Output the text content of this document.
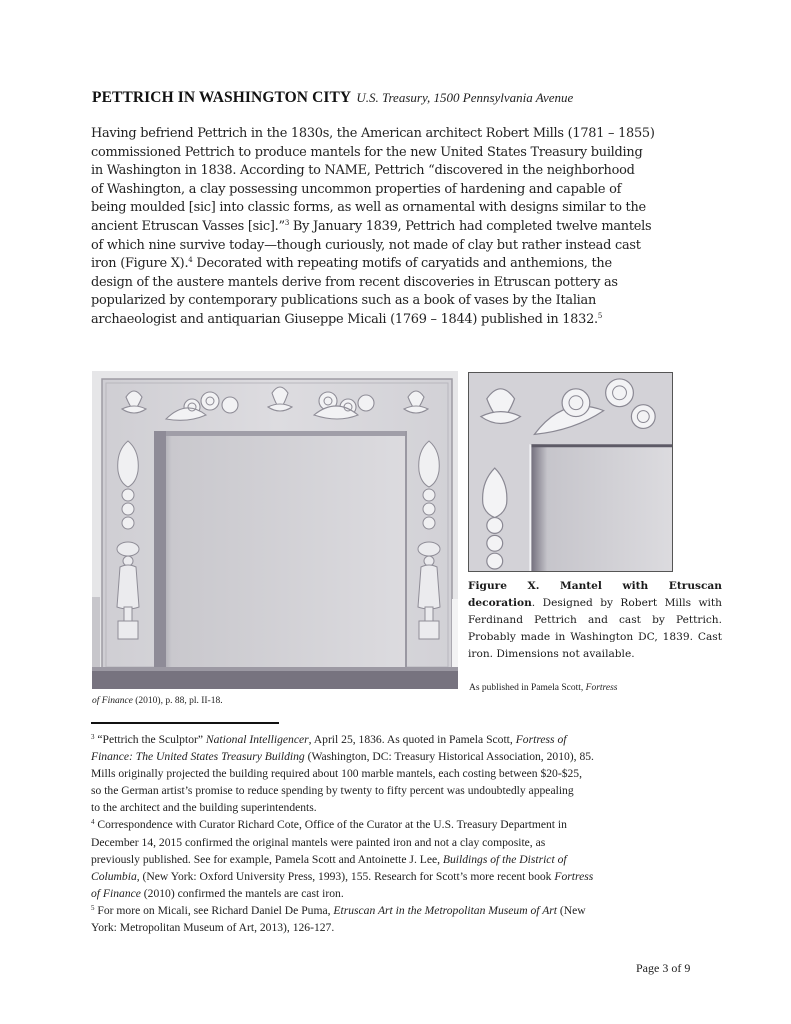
PETTRICH IN WASHINGTON CITY U.S. Treasury, 1500 Pennsylvania Avenue
Having befriend Pettrich in the 1830s, the American architect Robert Mills (1781 – 1855)
commissioned Pettrich to produce mantels for the new United States Treasury building
in Washington in 1838. According to NAME, Pettrich “discovered in the neighborhood
of Washington, a clay possessing uncommon properties of hardening and capable of
being moulded [sic] into classic forms, as well as ornamental with designs similar to the
ancient Etruscan Vasses [sic].”$^3$ By January 1839, Pettrich had completed twelve mantels
of which nine survive today—though curiously, not made of clay but rather instead cast
iron (Figure X).$^4$ Decorated with repeating motifs of caryatids and anthemions, the
design of the austere mantels derive from recent discoveries in Etruscan pottery as
popularized by contemporary publications such as a book of vases by the Italian
archaeologist and antiquarian Giuseppe Micali (1769 – 1844) published in 1832.$^5$
Figure X. Mantel with Etruscan decoration. Designed by Robert Mills with Ferdinand Pettrich and cast by Pettrich. Probably made in Washington DC, 1839. Cast iron. Dimensions not available.
As published in Pamela Scott, Fortress
of Finance (2010), p. 88, pl. II-18.
$^3$ “Pettrich the Sculptor” National Intelligencer, April 25, 1836. As quoted in Pamela Scott, Fortress of
Finance: The United States Treasury Building (Washington, DC: Treasury Historical Association, 2010), 85.
Mills originally projected the building required about 100 marble mantels, each costing between $20-$25,
so the German artist’s promise to reduce spending by twenty to fifty percent was undoubtedly appealing
to the architect and the building superintendents.
$^4$ Correspondence with Curator Richard Cote, Office of the Curator at the U.S. Treasury Department in
December 14, 2015 confirmed the original mantels were painted iron and not a clay composite, as
previously published. See for example, Pamela Scott and Antoinette J. Lee, Buildings of the District of
Columbia, (New York: Oxford University Press, 1993), 155. Research for Scott’s more recent book Fortress
of Finance (2010) confirmed the mantels are cast iron.
$^5$ For more on Micali, see Richard Daniel De Puma, Etruscan Art in the Metropolitan Museum of Art (New
York: Metropolitan Museum of Art, 2013), 126-127.
Page 3 of 9
